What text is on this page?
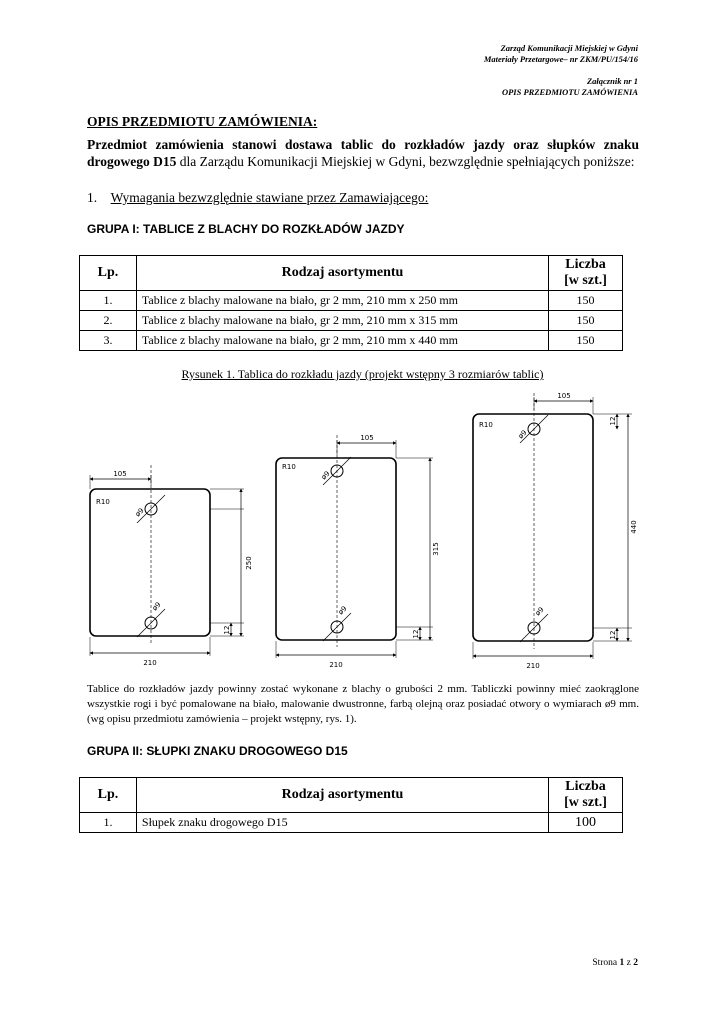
Zarząd Komunikacji Miejskiej w Gdyni
Materiały Przetargowe– nr ZKM/PU/154/16
Załącznik nr 1
OPIS PRZEDMIOTU ZAMÓWIENIA
OPIS PRZEDMIOTU ZAMÓWIENIA:
Przedmiot zamówienia stanowi dostawa tablic do rozkładów jazdy oraz słupków znaku drogowego D15 dla Zarządu Komunikacji Miejskiej w Gdyni, bezwzględnie spełniających poniższe:
1. Wymagania bezwzględnie stawiane przez Zamawiającego:
GRUPA I: TABLICE Z BLACHY DO ROZKŁADÓW JAZDY
Lp.	Rodzaj asortymentu	Liczba
[w szt.]
1.	Tablice z blachy malowane na biało, gr 2 mm, 210 mm x 250 mm	150
2.	Tablice z blachy malowane na biało, gr 2 mm, 210 mm x 315 mm	150
3.	Tablice z blachy malowane na biało, gr 2 mm, 210 mm x 440 mm	150
Rysunek 1. Tablica do rozkładu jazdy (projekt wstępny 3 rozmiarów tablic)
105
R10
ø9
ø9
250
12
210
105
R10
ø9
ø9
315
12
210
105
R10
ø9
ø9
440
12
12
210
Tablice do rozkładów jazdy powinny zostać wykonane z blachy o grubości 2 mm. Tabliczki powinny mieć zaokrąglone wszystkie rogi i być pomalowane na biało, malowanie dwustronne, farbą olejną oraz posiadać otwory o wymiarach ø9 mm. (wg opisu przedmiotu zamówienia – projekt wstępny, rys. 1).
GRUPA II: SŁUPKI ZNAKU DROGOWEGO D15
Lp.	Rodzaj asortymentu	Liczba
[w szt.]
1.	Słupek znaku drogowego D15	100
Strona 1 z 2
